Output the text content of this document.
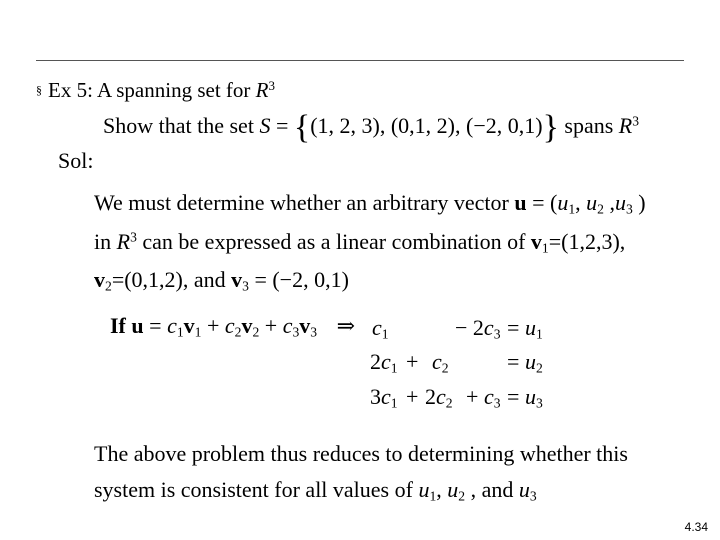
§ Ex 5: A spanning set for $R^3$
Show that the set S = {(1, 2, 3), (0,1, 2), (−2, 0,1)} spans $R^3$
Sol:
We must determine whether an arbitrary vector $u = (u_1$, $u_2$ $,u_3$ )
in $R^3$ can be expressed as a linear combination of $v_1=(1,2,3)$,
$v_2=(0,1,2)$, and $v_3 = (-2$, 0,1)
If $u = c_1v_1 + c_2v_2 + c_3v_3$ ⇒ $c_1$	− $2c_3 = u_1$
$2c_1 + c_2$	= $u_2$
$3c_1 + 2c_2 + c_3 = u_3$
The above problem thus reduces to determining whether this
system is consistent for all values of $u_1$, $u_2$ , and $u_3$
4.34
